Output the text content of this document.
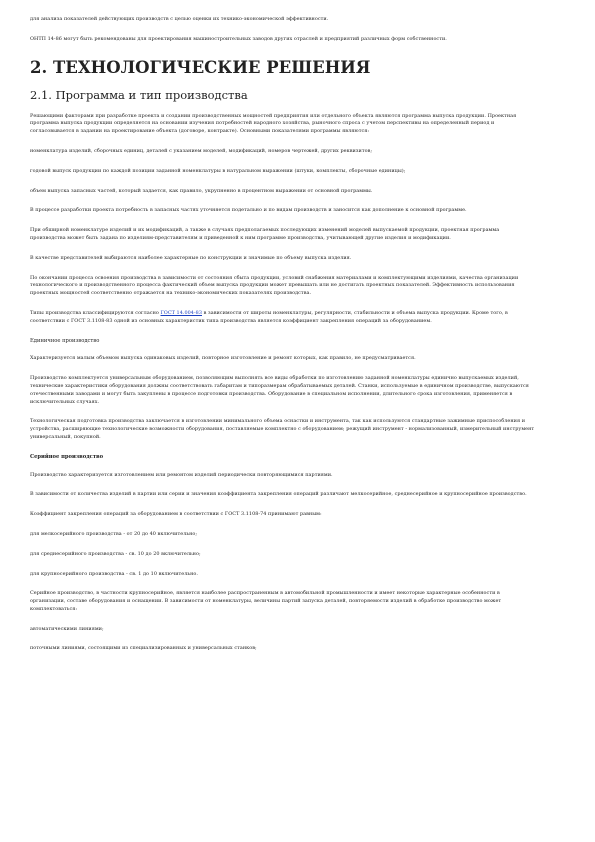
для анализа показателей действующих производств с целью оценки их технико-экономической эффективности.

ОНТП 14-86 могут быть рекомендованы для проектирования машиностроительных заводов других отраслей и предприятий различных форм собственности.

2. ТЕХНОЛОГИЧЕСКИЕ РЕШЕНИЯ
2.1. Программа и тип производства

Решающими факторами при разработке проекта и создании производственных мощностей предприятия или отдельного объекта являются программа выпуска продукции. Проектная программа выпуска продукции определяется на основании изучения потребностей народного хозяйства, рыночного спроса с учетом перспективы на определенный период и согласовывается в задании на проектирование объекта (договоре, контракте). Основными показателями программы являются:

номенклатура изделий, сборочных единиц, деталей с указанием моделей, модификаций, номеров чертежей, других реквизитов;

годовой выпуск продукции по каждой позиции заданной номенклатуры в натуральном выражении (штуки, комплекты, сборочные единицы);

объем выпуска запасных частей, который задается, как правило, укрупненно в процентном выражении от основной программы.

В процессе разработки проекта потребность в запасных частях уточняется подетально и по видам производств и заносится как дополнение к основной программе.

При обширной номенклатуре изделий и их модификаций, а также в случаях предполагаемых последующих изменений моделей выпускаемой продукции, проектная программа производства может быть задана по изделиям-представителям и приведенной к ним программе производства, учитывающей другие изделия и модификации.

В качестве представителей выбираются наиболее характерные по конструкции и значимые по объему выпуска изделия.

По окончании процесса освоения производства в зависимости от состояния сбыта продукции, условий снабжения материалами и комплектующими изделиями, качества организации технологического и производственного процесса фактический объем выпуска продукции может превышать или не достигать проектных показателей. Эффективность использования проектных мощностей соответственно отражается на технико-экономических показателях производства.

Типы производства классифицируются согласно ГОСТ 14.004-83 в зависимости от широты номенклатуры, регулярности, стабильности и объема выпуска продукции. Кроме того, в соответствии с ГОСТ 3.1108-83 одной из основных характеристик типа производства является коэффициент закрепления операций за оборудованием.

Единичное производство

Характеризуется малым объемом выпуска одинаковых изделий, повторное изготовление и ремонт которых, как правило, не предусматривается.

Производство комплектуется универсальным оборудованием, позволяющим выполнять все виды обработки по изготовлению заданной номенклатуры единично выпускаемых изделий, технические характеристики оборудования должны соответствовать габаритам и типоразмерам обрабатываемых деталей. Станки, используемые в единичном производстве, выпускаются отечественными заводами и могут быть закуплены в процессе подготовки производства. Оборудование в специальном исполнении, длительного срока изготовления, применяется в исключительных случаях.

Технологическая подготовка производства заключается в изготовлении минимального объема оснастки и инструмента, так как используются стандартные зажимные приспособления и устройства, расширяющие технологические возможности оборудования, поставляемые комплектно с оборудованием; режущий инструмент - нормализованный, измерительный инструмент универсальный, покупной.

Серийное производство

Производство характеризуется изготовлением или ремонтом изделий периодически повторяющимися партиями.

В зависимости от количества изделий в партии или серии и значения коэффициента закрепления операций различают мелкосерийное, среднесерийное и крупносерийное производство.

Коэффициент закрепления операций за оборудованием в соответствии с ГОСТ 3.1108-74 принимают равным:

для мелкосерийного производства - от 20 до 40 включительно;

для среднесерийного производства - св. 10 до 20 включительно;

для крупносерийного производства - св. 1 до 10 включительно.

Серийное производство, в частности крупносерийное, является наиболее распространенным в автомобильной промышленности и имеет некоторые характерные особенности в организации, составе оборудования и оснащении. В зависимости от номенклатуры, величины партий запуска деталей, повторяемости изделий в обработке производство может комплектоваться:

автоматическими линиями;

поточными линиями, состоящими из специализированных и универсальных станков;
